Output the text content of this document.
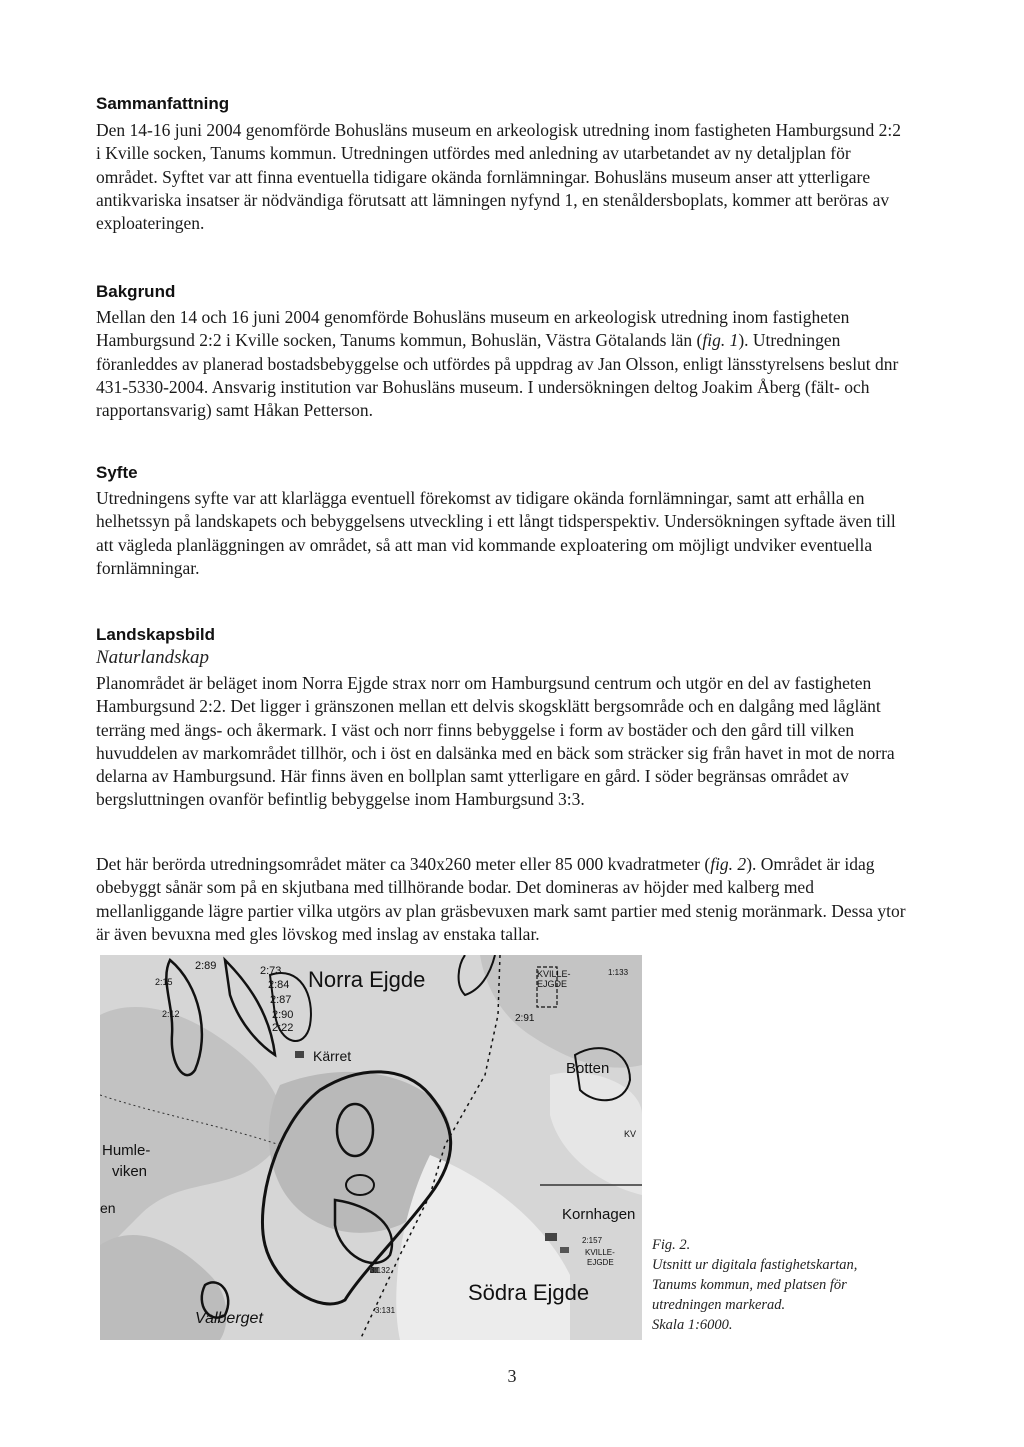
Sammanfattning

Den 14-16 juni 2004 genomförde Bohusläns museum en arkeologisk utredning inom fastigheten Hamburgsund 2:2 i Kville socken, Tanums kommun. Utredningen utfördes med anledning av utarbetandet av ny detaljplan för området. Syftet var att finna eventuella tidigare okända fornlämningar. Bohusläns museum anser att ytterligare antikvariska insatser är nödvändiga förutsatt att lämningen nyfynd 1, en stenåldersboplats, kommer att beröras av exploateringen.

Bakgrund

Mellan den 14 och 16 juni 2004 genomförde Bohusläns museum en arkeologisk utredning inom fastigheten Hamburgsund 2:2 i Kville socken, Tanums kommun, Bohuslän, Västra Götalands län (fig. 1). Utredningen föranleddes av planerad bostadsbebyggelse och utfördes på uppdrag av Jan Olsson, enligt länsstyrelsens beslut dnr 431-5330-2004. Ansvarig institution var Bohusläns museum. I undersökningen deltog Joakim Åberg (fält- och rapportansvarig) samt Håkan Petterson.

Syfte

Utredningens syfte var att klarlägga eventuell förekomst av tidigare okända fornlämningar, samt att erhålla en helhetssyn på landskapets och bebyggelsens utveckling i ett långt tidsperspektiv. Undersökningen syftade även till att vägleda planläggningen av området, så att man vid kommande exploatering om möjligt undviker eventuella fornlämningar.

Landskapsbild

Naturlandskap

Planområdet är beläget inom Norra Ejgde strax norr om Hamburgsund centrum och utgör en del av fastigheten Hamburgsund 2:2. Det ligger i gränszonen mellan ett delvis skogsklätt bergsområde och en dalgång med låglänt terräng med ängs- och åkermark. I väst och norr finns bebyggelse i form av bostäder och den gård till vilken huvuddelen av markområdet tillhör, och i öst en dalsänka med en bäck som sträcker sig från havet in mot de norra delarna av Hamburgsund. Här finns även en bollplan samt ytterligare en gård. I söder begränsas området av bergsluttningen ovanför befintlig bebyggelse inom Hamburgsund 3:3.

Det här berörda utredningsområdet mäter ca 340x260 meter eller 85 000 kvadratmeter (fig. 2). Området är idag obebyggt sånär som på en skjutbana med tillhörande bodar. Det domineras av höjder med kalberg med mellanliggande lägre partier vilka utgörs av plan gräsbevuxen mark samt partier med stenig moränmark. Dessa ytor är även bevuxna med gles lövskog med inslag av enstaka tallar.

Norra Ejgde
Kärret
Botten
Humle-
viken
Kornhagen
Södra Ejgde
Valberget
KVILLE-
EJGDE
KVILLE-
EJGDE
2:89	2:73
2:84
2:87
2:90
2:22
2:15
2:12	2:91
1:133
2:157
3:132
3:131
KV
en
Fig. 2.
Utsnitt ur digitala fastighetskartan,
Tanums kommun, med platsen för
utredningen markerad.
Skala 1:6000.
3
